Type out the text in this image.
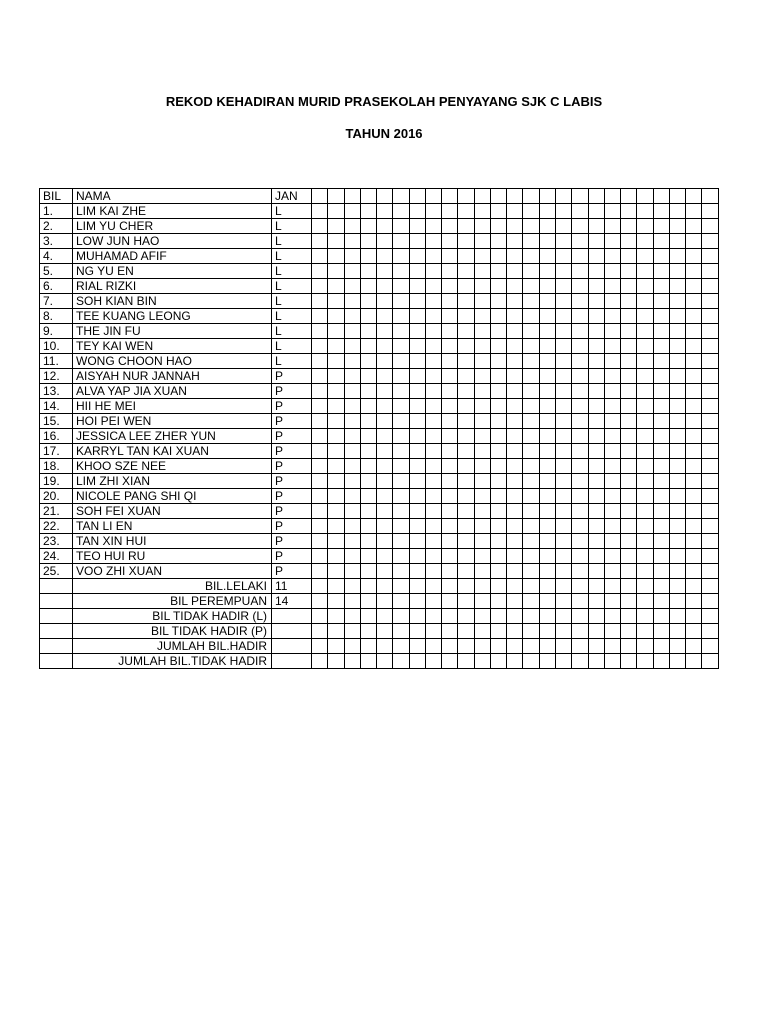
REKOD KEHADIRAN MURID PRASEKOLAH PENYAYANG SJK C LABIS
TAHUN 2016
BIL	NAMA	JAN																									
1.	LIM KAI ZHE	L																									
2.	LIM YU CHER	L																									
3.	LOW JUN HAO	L																									
4.	MUHAMAD AFIF	L																									
5.	NG YU EN	L																									
6.	RIAL RIZKI	L																									
7.	SOH KIAN BIN	L																									
8.	TEE KUANG LEONG	L																									
9.	THE JIN FU	L																									
10.	TEY KAI WEN	L																									
11.	WONG CHOON HAO	L																									
12.	AISYAH NUR JANNAH	P																									
13.	ALVA YAP JIA XUAN	P																									
14.	HII HE MEI	P																									
15.	HOI PEI WEN	P																									
16.	JESSICA LEE ZHER YUN	P																									
17.	KARRYL TAN KAI XUAN	P																									
18.	KHOO SZE NEE	P																									
19.	LIM ZHI XIAN	P																									
20.	NICOLE PANG SHI QI	P																									
21.	SOH FEI XUAN	P																									
22.	TAN LI EN	P																									
23.	TAN XIN HUI	P																									
24.	TEO HUI RU	P																									
25.	VOO ZHI XUAN	P																									
	BIL.LELAKI	11																									
	BIL PEREMPUAN	14																									
	BIL TIDAK HADIR (L)																										
	BIL TIDAK HADIR (P)																										
	JUMLAH BIL.HADIR																										
	JUMLAH BIL.TIDAK HADIR																										
